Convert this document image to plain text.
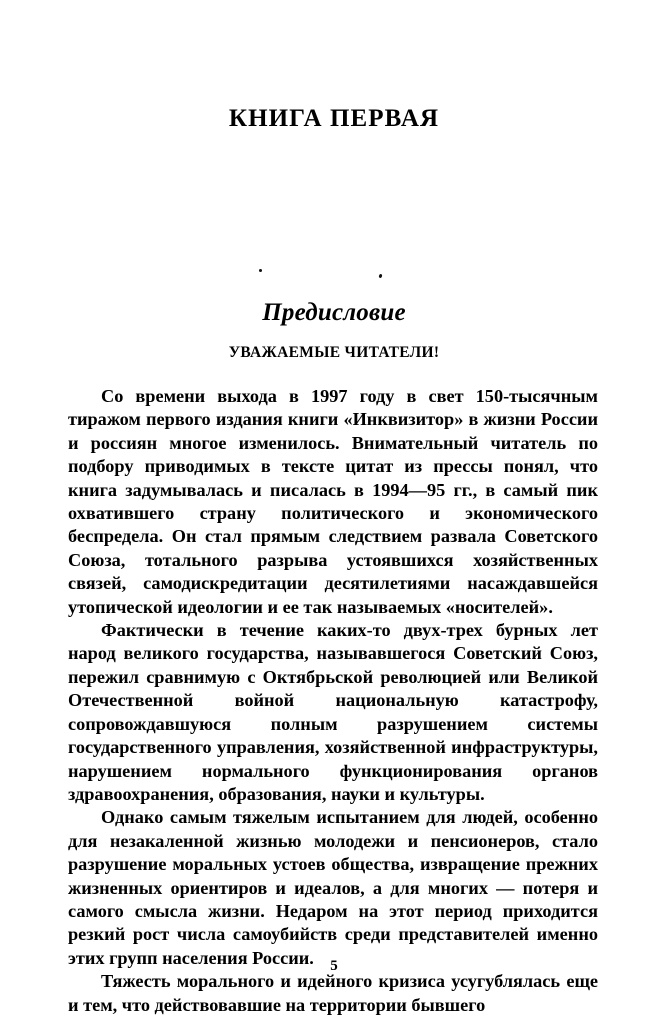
КНИГА ПЕРВАЯ
Предисловие
УВАЖАЕМЫЕ ЧИТАТЕЛИ!

Со времени выхода в 1997 году в свет 150-тысячным тиражом первого издания книги «Инквизитор» в жизни России и россиян многое изменилось. Внимательный читатель по подбору приводимых в тексте цитат из прессы понял, что книга задумывалась и писалась в 1994—95 гг., в самый пик охватившего страну политического и экономического беспредела. Он стал прямым следствием развала Советского Союза, тотального разрыва устоявшихся хозяйственных связей, самодискредитации десятилетиями насаждавшейся утопической идеологии и ее так называемых «носителей».

Фактически в течение каких-то двух-трех бурных лет народ великого государства, называвшегося Советский Союз, пережил сравнимую с Октябрьской революцией или Великой Отечественной войной национальную катастрофу, сопровождавшуюся полным разрушением системы государственного управления, хозяйственной инфраструктуры, нарушением нормального функционирования органов здравоохранения, образования, науки и культуры.

Однако самым тяжелым испытанием для людей, особенно для незакаленной жизнью молодежи и пенсионеров, стало разрушение моральных устоев общества, извращение прежних жизненных ориентиров и идеалов, а для многих — потеря и самого смысла жизни. Недаром на этот период приходится резкий рост числа самоубийств среди представителей именно этих групп населения России.

Тяжесть морального и идейного кризиса усугублялась еще и тем, что действовавшие на территории бывшего

5
